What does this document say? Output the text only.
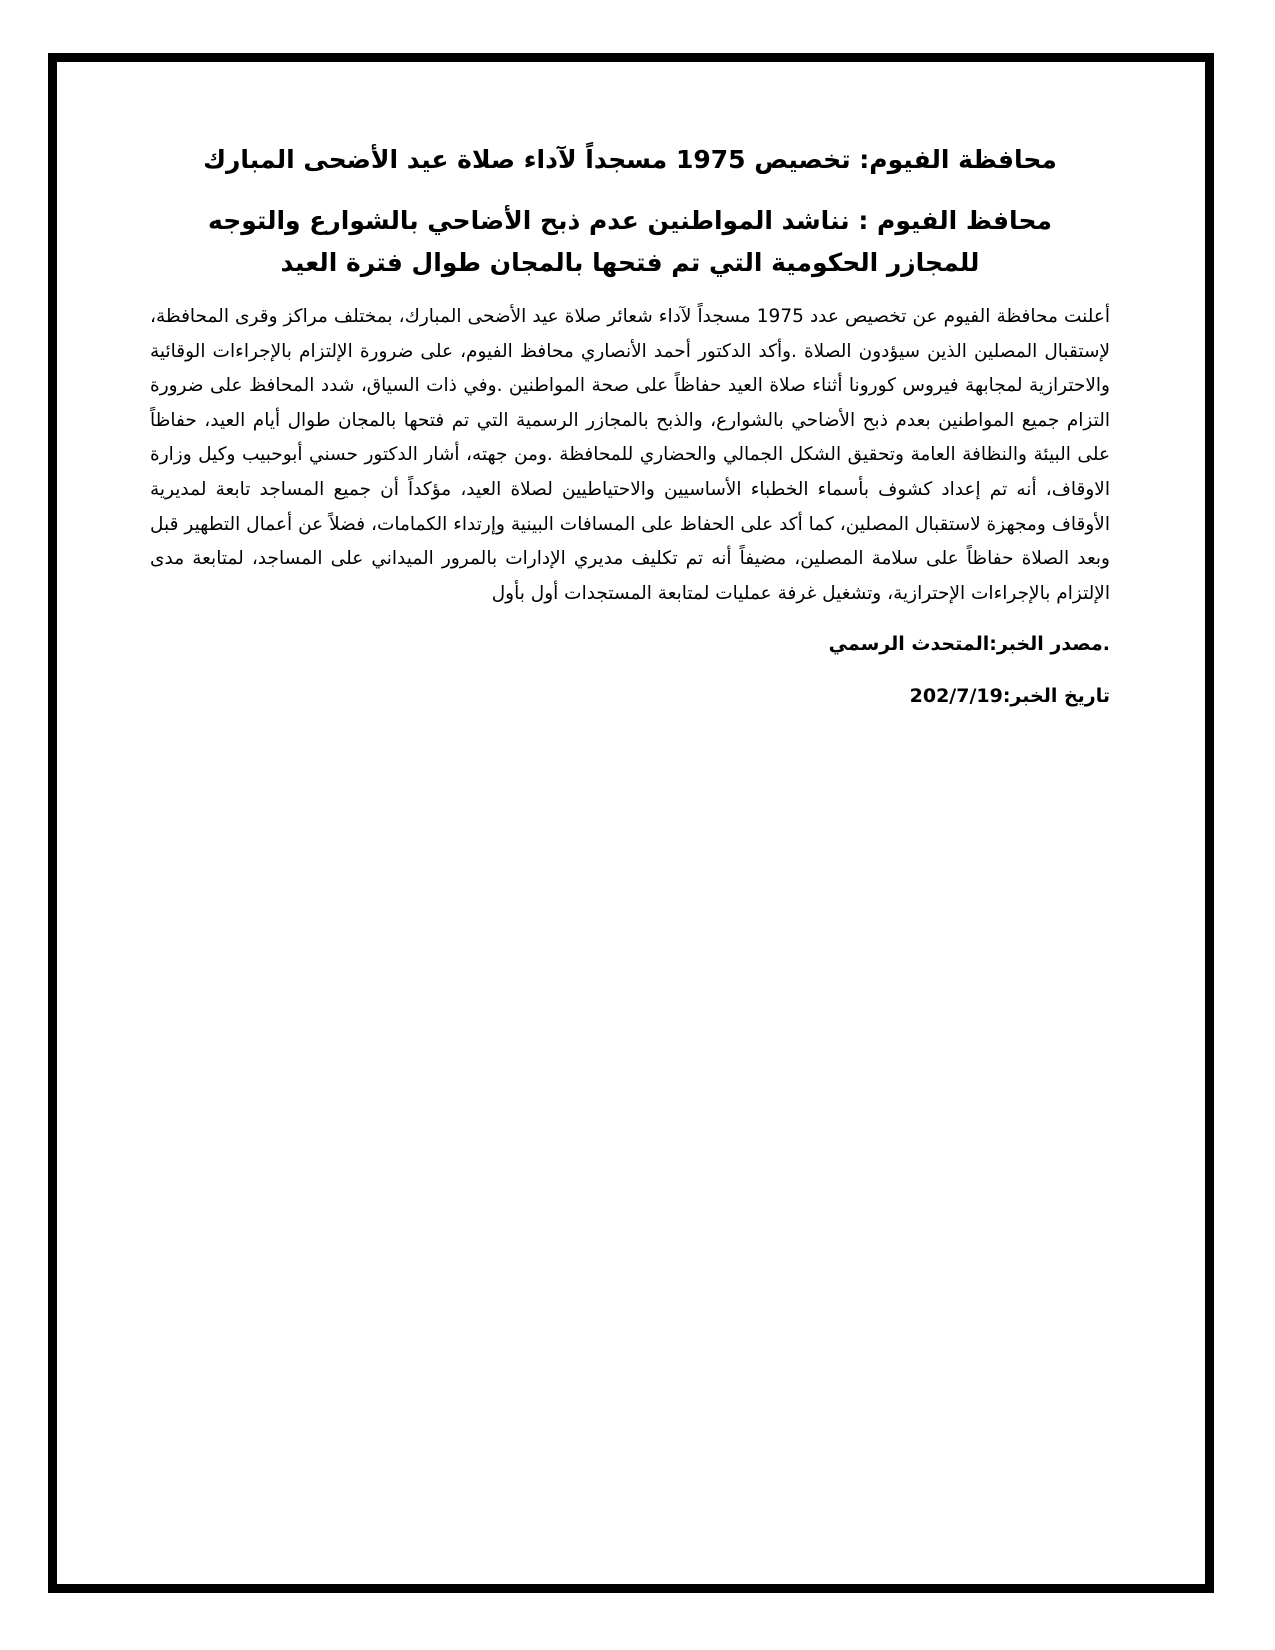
محافظة الفيوم: تخصيص 1975 مسجداً لآداء صلاة عيد الأضحى المبارك
محافظ الفيوم : نناشد المواطنين عدم ذبح الأضاحي بالشوارع والتوجه للمجازر الحكومية التي تم فتحها بالمجان طوال فترة العيد

أعلنت محافظة الفيوم عن تخصيص عدد 1975 مسجداً لآداء شعائر صلاة عيد الأضحى المبارك، بمختلف مراكز وقرى المحافظة، لإستقبال المصلين الذين سيؤدون الصلاة .وأكد الدكتور أحمد الأنصاري محافظ الفيوم، على ضرورة الإلتزام بالإجراءات الوقائية والاحترازية لمجابهة فيروس كورونا أثناء صلاة العيد حفاظاً على صحة المواطنين .وفي ذات السياق، شدد المحافظ على ضرورة التزام جميع المواطنين بعدم ذبح الأضاحي بالشوارع، والذبح بالمجازر الرسمية التي تم فتحها بالمجان طوال أيام العيد، حفاظاً على البيئة والنظافة العامة وتحقيق الشكل الجمالي والحضاري للمحافظة .ومن جهته، أشار الدكتور حسني أبوحبيب وكيل وزارة الاوقاف، أنه تم إعداد كشوف بأسماء الخطباء الأساسيين والاحتياطيين لصلاة العيد، مؤكداً أن جميع المساجد تابعة لمديرية الأوقاف ومجهزة لاستقبال المصلين، كما أكد على الحفاظ على المسافات البينية وإرتداء الكمامات، فضلاً عن أعمال التطهير قبل وبعد الصلاة حفاظاً على سلامة المصلين، مضيفاً أنه تم تكليف مديري الإدارات بالمرور الميداني على المساجد، لمتابعة مدى الإلتزام بالإجراءات الإحترازية، وتشغيل غرفة عمليات لمتابعة المستجدات أول بأول

.مصدر الخبر:المتحدث الرسمي

تاريخ الخبر:202/7/19
